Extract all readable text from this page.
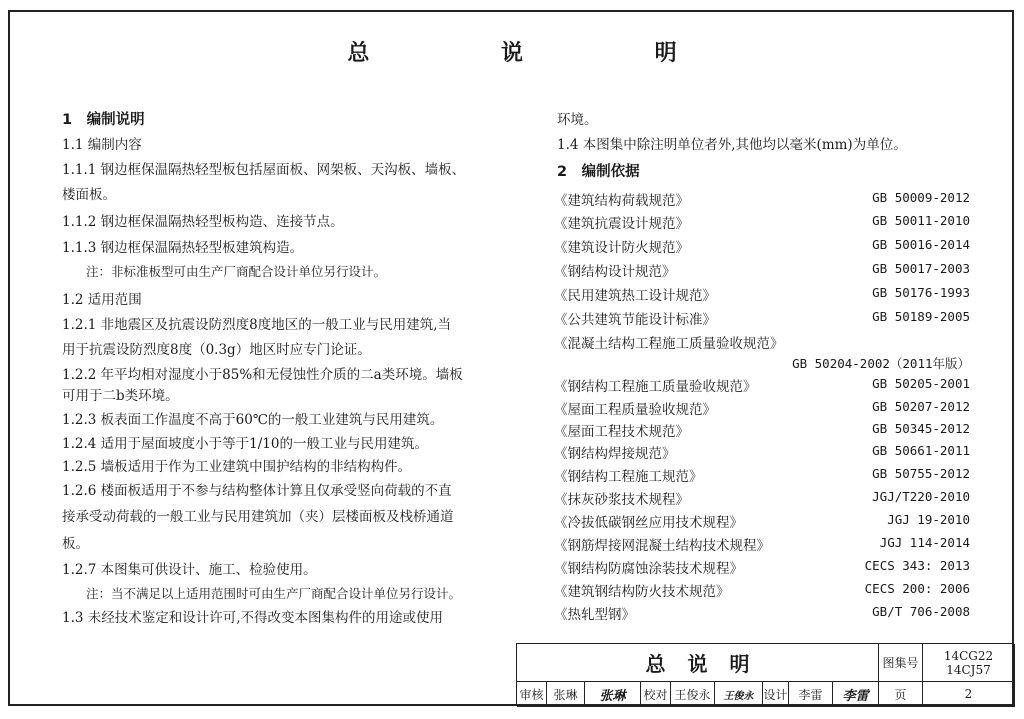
总 说 明
1　编制说明
1.1 编制内容
1.1.1 钢边框保温隔热轻型板包括屋面板、网架板、天沟板、墙板、
楼面板。
1.1.2 钢边框保温隔热轻型板构造、连接节点。
1.1.3 钢边框保温隔热轻型板建筑构造。
注：非标准板型可由生产厂商配合设计单位另行设计。
1.2 适用范围
1.2.1 非地震区及抗震设防烈度8度地区的一般工业与民用建筑,当
用于抗震设防烈度8度（0.3g）地区时应专门论证。
1.2.2 年平均相对湿度小于85%和无侵蚀性介质的二a类环境。墙板
可用于二b类环境。
1.2.3 板表面工作温度不高于60℃的一般工业建筑与民用建筑。
1.2.4 适用于屋面坡度小于等于1/10的一般工业与民用建筑。
1.2.5 墙板适用于作为工业建筑中围护结构的非结构构件。
1.2.6 楼面板适用于不参与结构整体计算且仅承受竖向荷载的不直
接承受动荷载的一般工业与民用建筑加（夹）层楼面板及栈桥通道
板。
1.2.7 本图集可供设计、施工、检验使用。
注：当不满足以上适用范围时可由生产厂商配合设计单位另行设计。
1.3 未经技术鉴定和设计许可,不得改变本图集构件的用途或使用
环境。
1.4 本图集中除注明单位者外,其他均以毫米(mm)为单位。
2　编制依据
《建筑结构荷载规范》	GB 50009-2012
《建筑抗震设计规范》	GB 50011-2010
《建筑设计防火规范》	GB 50016-2014
《钢结构设计规范》	GB 50017-2003
《民用建筑热工设计规范》	GB 50176-1993
《公共建筑节能设计标准》	GB 50189-2005
《混凝土结构工程施工质量验收规范》
GB 50204-2002（2011年版）
《钢结构工程施工质量验收规范》	GB 50205-2001
《屋面工程质量验收规范》	GB 50207-2012
《屋面工程技术规范》	GB 50345-2012
《钢结构焊接规范》	GB 50661-2011
《钢结构工程施工规范》	GB 50755-2012
《抹灰砂浆技术规程》	JGJ/T220-2010
《冷拔低碳钢丝应用技术规程》	JGJ 19-2010
《钢筋焊接网混凝土结构技术规程》	JGJ 114-2014
《钢结构防腐蚀涂装技术规程》	CECS 343: 2013
《建筑钢结构防火技术规范》	CECS 200: 2006
《热轧型钢》	GB/T 706-2008
总说明	图集号
14CG22
14CJ57
审核 张琳 张琳 校对 王俊永 王俊永 设计 李雷 李雷 页	2
